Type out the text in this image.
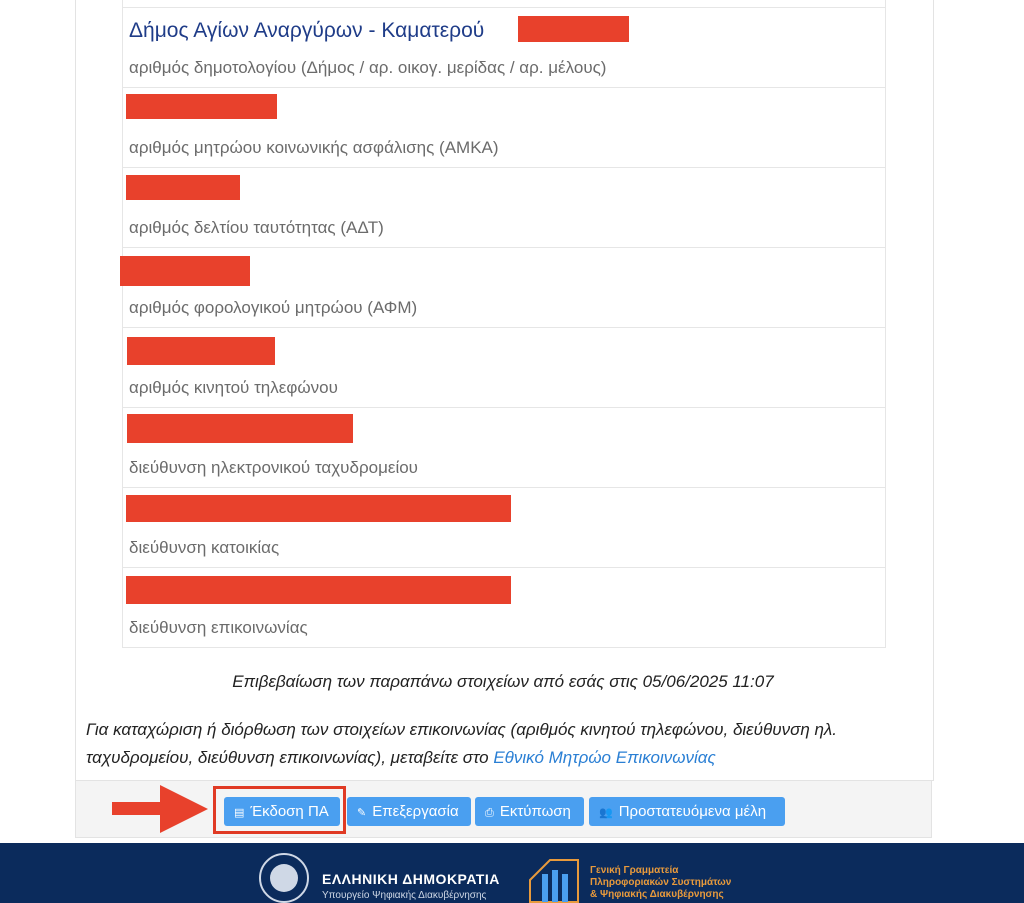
Δήμος Αγίων Αναργύρων - Καματερού
αριθμός δημοτολογίου (Δήμος / αρ. οικογ. μερίδας / αρ. μέλους)
αριθμός μητρώου κοινωνικής ασφάλισης (ΑΜΚΑ)
αριθμός δελτίου ταυτότητας (ΑΔΤ)
αριθμός φορολογικού μητρώου (ΑΦΜ)
αριθμός κινητού τηλεφώνου
διεύθυνση ηλεκτρονικού ταχυδρομείου
διεύθυνση κατοικίας
διεύθυνση επικοινωνίας
Επιβεβαίωση των παραπάνω στοιχείων από εσάς στις 05/06/2025 11:07
Για καταχώριση ή διόρθωση των στοιχείων επικοινωνίας (αριθμός κινητού τηλεφώνου, διεύθυνση ηλ. ταχυδρομείου, διεύθυνση επικοινωνίας), μεταβείτε στο Εθνικό Μητρώο Επικοινωνίας
▤ Έκδοση ΠΑ	✎ Επεξεργασία	⎙ Εκτύπωση	👥 Προστατευόμενα μέλη
ΕΛΛΗΝΙΚΗ ΔΗΜΟΚΡΑΤΙΑ
Υπουργείο Ψηφιακής Διακυβέρνησης
Γενική Γραμματεία
Πληροφοριακών Συστημάτων
& Ψηφιακής Διακυβέρνησης
